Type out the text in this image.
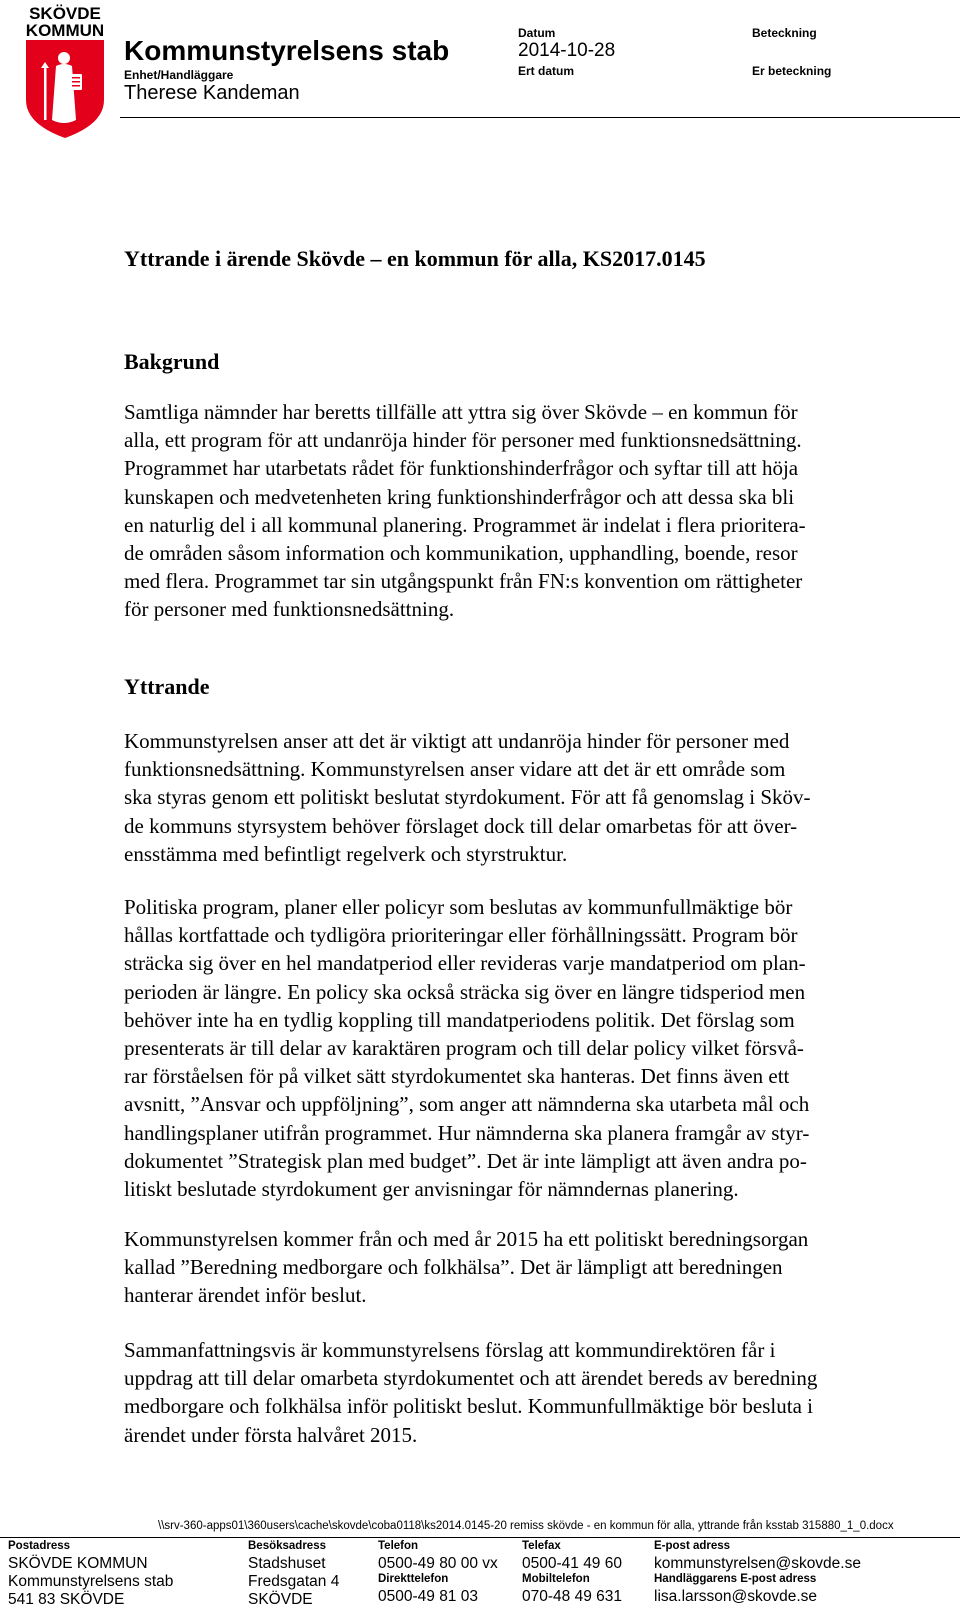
SKÖVDE
KOMMUN
Kommunstyrelsens stab
Enhet/Handläggare
Therese Kandeman
Datum
2014-10-28
Ert datum
Beteckning
Er beteckning
Yttrande i ärende Skövde – en kommun för alla, KS2017.0145
Bakgrund

Samtliga nämnder har beretts tillfälle att yttra sig över Skövde – en kommun för
alla, ett program för att undanröja hinder för personer med funktionsnedsättning.
Programmet har utarbetats rådet för funktionshinderfrågor och syftar till att höja
kunskapen och medvetenheten kring funktionshinderfrågor och att dessa ska bli
en naturlig del i all kommunal planering. Programmet är indelat i flera prioritera-
de områden såsom information och kommunikation, upphandling, boende, resor
med flera. Programmet tar sin utgångspunkt från FN:s konvention om rättigheter
för personer med funktionsnedsättning.

Yttrande

Kommunstyrelsen anser att det är viktigt att undanröja hinder för personer med
funktionsnedsättning. Kommunstyrelsen anser vidare att det är ett område som
ska styras genom ett politiskt beslutat styrdokument. För att få genomslag i Sköv-
de kommuns styrsystem behöver förslaget dock till delar omarbetas för att över-
ensstämma med befintligt regelverk och styrstruktur.

Politiska program, planer eller policyr som beslutas av kommunfullmäktige bör
hållas kortfattade och tydligöra prioriteringar eller förhållningssätt. Program bör
sträcka sig över en hel mandatperiod eller revideras varje mandatperiod om plan-
perioden är längre. En policy ska också sträcka sig över en längre tidsperiod men
behöver inte ha en tydlig koppling till mandatperiodens politik. Det förslag som
presenterats är till delar av karaktären program och till delar policy vilket försvå-
rar förståelsen för på vilket sätt styrdokumentet ska hanteras. Det finns även ett
avsnitt, ”Ansvar och uppföljning”, som anger att nämnderna ska utarbeta mål och
handlingsplaner utifrån programmet. Hur nämnderna ska planera framgår av styr-
dokumentet ”Strategisk plan med budget”. Det är inte lämpligt att även andra po-
litiskt beslutade styrdokument ger anvisningar för nämndernas planering.

Kommunstyrelsen kommer från och med år 2015 ha ett politiskt beredningsorgan
kallad ”Beredning medborgare och folkhälsa”. Det är lämpligt att beredningen
hanterar ärendet inför beslut.

Sammanfattningsvis är kommunstyrelsens förslag att kommundirektören får i
uppdrag att till delar omarbeta styrdokumentet och att ärendet bereds av beredning
medborgare och folkhälsa inför politiskt beslut. Kommunfullmäktige bör besluta i
ärendet under första halvåret 2015.

\\srv-360-apps01\360users\cache\skovde\coba0118\ks2014.0145-20 remiss skövde - en kommun för alla, yttrande från ksstab 315880_1_0.docx
Postadress
SKÖVDE KOMMUN
Kommunstyrelsens stab
541 83 SKÖVDE
Besöksadress
Stadshuset
Fredsgatan 4
SKÖVDE
Telefon
0500-49 80 00 vx
Direkttelefon
0500-49 81 03
Telefax
0500-41 49 60
Mobiltelefon
070-48 49 631
E-post adress
kommunstyrelsen@skovde.se
Handläggarens E-post adress
lisa.larsson@skovde.se
